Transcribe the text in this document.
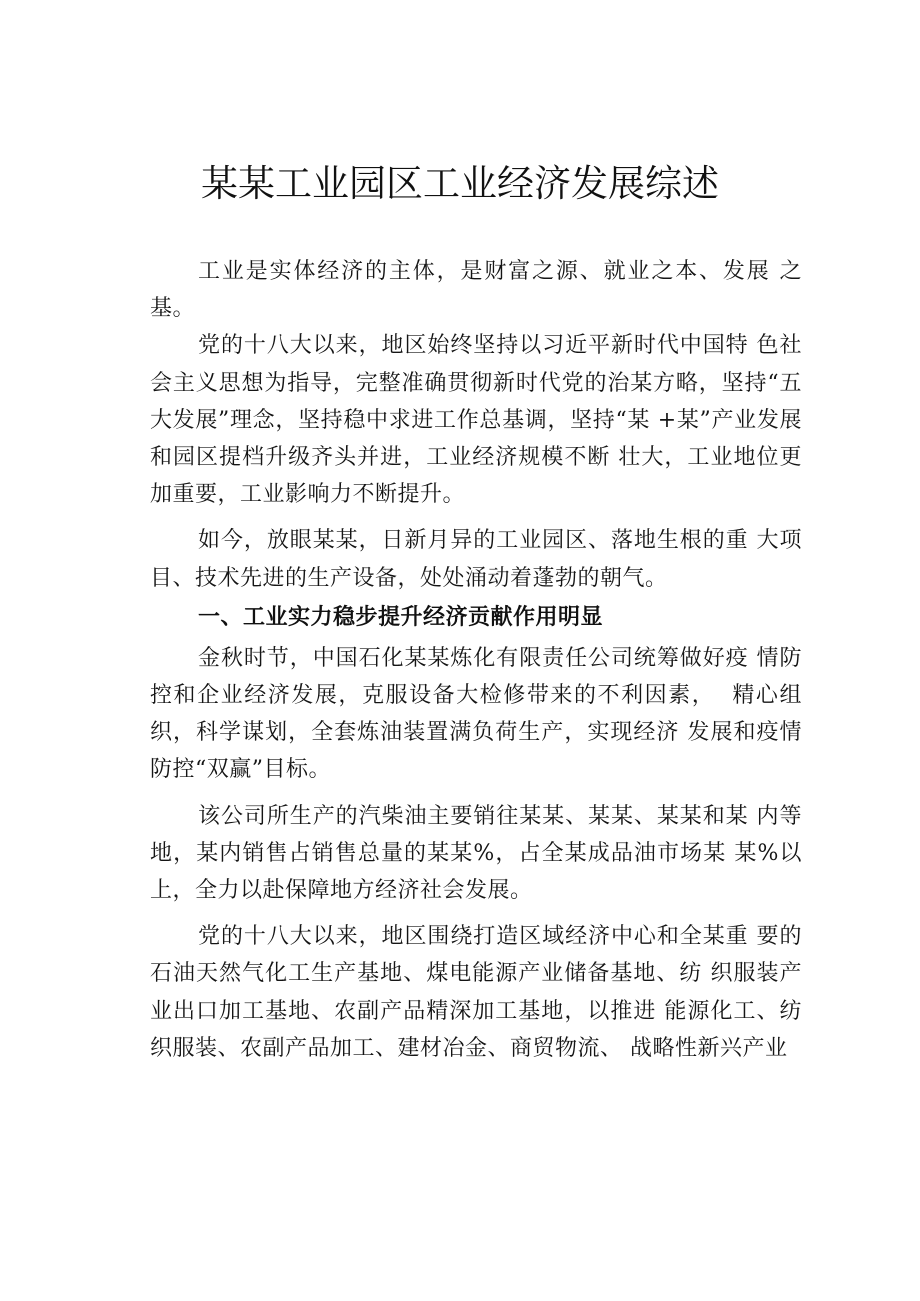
某某工业园区工业经济发展综述

工业是实体经济的主体，是财富之源、就业之本、发展 之基。

党的十八大以来，地区始终坚持以习近平新时代中国特 色社会主义思想为指导，完整准确贯彻新时代党的治某方略，坚持“五大发展”理念，坚持稳中求进工作总基调，坚持“某 +某”产业发展和园区提档升级齐头并进，工业经济规模不断 壮大，工业地位更加重要，工业影响力不断提升。

如今，放眼某某，日新月异的工业园区、落地生根的重 大项目、技术先进的生产设备，处处涌动着蓬勃的朝气。

一、工业实力稳步提升经济贡献作用明显

金秋时节，中国石化某某炼化有限责任公司统筹做好疫 情防控和企业经济发展，克服设备大检修带来的不利因素，  精心组织，科学谋划，全套炼油装置满负荷生产，实现经济 发展和疫情防控“双赢”目标。

该公司所生产的汽柴油主要销往某某、某某、某某和某 内等地，某内销售占销售总量的某某%，占全某成品油市场某 某%以上，全力以赴保障地方经济社会发展。

党的十八大以来，地区围绕打造区域经济中心和全某重 要的石油天然气化工生产基地、煤电能源产业储备基地、纺 织服装产业出口加工基地、农副产品精深加工基地，以推进 能源化工、纺织服装、农副产品加工、建材冶金、商贸物流、 战略性新兴产业
